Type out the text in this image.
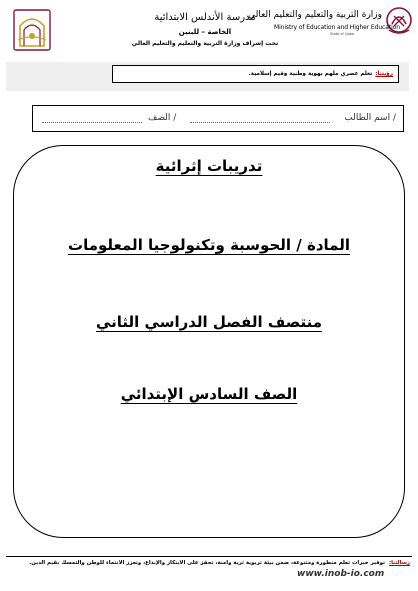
وزارة التربية والتعليم والتعليم العالي
Ministry of Education and Higher Education
State of Qatar
مدرسة الأندلس الابتدائية
الخاصة – للبنين
تحت إشراف وزارة التربية والتعليم والتعليم العالي
رؤيتنا:
تعلم عصري ملهم بهوية وطنية وقيم إسلامية.
اسم الطالب /
الصف /
تدريبات إثرائية
المادة / الحوسبة وتكنولوجيا المعلومات
منتصف الفصل الدراسي الثاني
الصف السادس الإبتدائي
رسالتنا: توفير خبرات تعلم متطورة ومتنوعة، ضمن بيئة تربوية ثرية وآمنة، تحفز على الابتكار والإبداع، وتعزز الانتماء للوطن والتمسك بقيم الدين.
www.inob-io.com
